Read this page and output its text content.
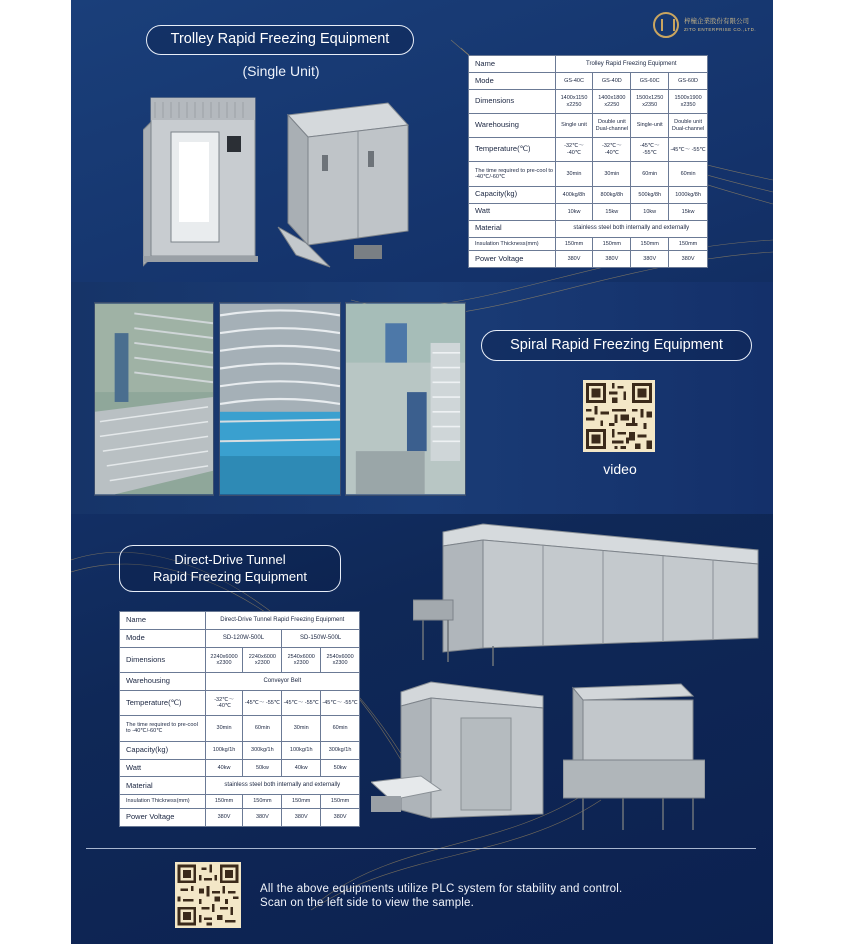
梓橦企業股份有限公司
ZITO ENTERPRISE CO.,LTD.
Trolley Rapid Freezing Equipment
(Single Unit)	Name	Trolley Rapid Freezing Equipment			
Mode	GS-40C	GS-40D	GS-60C	GS-60D
Dimensions	1400x1150 x2250	1400x1800 x2250	1500x1250 x2350	1500x1900 x2350
Warehousing	Single unit	Double unit Dual-channel	Single-unit	Double unit Dual-channel
Temperature(℃)	-32℃～ -40℃	-32℃～ -40℃	-45℃～ -55℃	-45℃～ -55℃
The time required to pre-cool to -40℃/-60℃	30min	30min	60min	60min
Capacity(kg)	400kg/8h	800kg/8h	500kg/8h	1000kg/8h
Watt	10kw	15kw	10kw	15kw
Material	stainless steel both internally and externally			
Insulation Thickness(mm)	150mm	150mm	150mm	150mm
Power Voltage	380V	380V	380V	380V
Spiral Rapid Freezing Equipment
video
Direct-Drive Tunnel
Rapid Freezing Equipment
Name	Direct-Drive Tunnel Rapid Freezing Equipment			
Mode	SD-120W-500L		SD-150W-500L	
Dimensions	2240x6000 x2300	2240x6000 x2300	2540x6000 x2300	2540x6000 x2300
Warehousing	Conveyor Belt			
Temperature(℃)	-32℃～ -40℃	-45℃～ -55℃	-45℃～ -55℃	-45℃～ -55℃
The time required to pre-cool to -40℃/-60℃	30min	60min	30min	60min
Capacity(kg)	100kg/1h	300kg/1h	100kg/1h	300kg/1h
Watt	40kw	50kw	40kw	50kw
Material	stainless steel both internally and externally			
Insulation Thickness(mm)	150mm	150mm	150mm	150mm
Power Voltage	380V	380V	380V	380V
All the above equipments utilize PLC system for stability and control.
Scan on the left side to view the sample.
